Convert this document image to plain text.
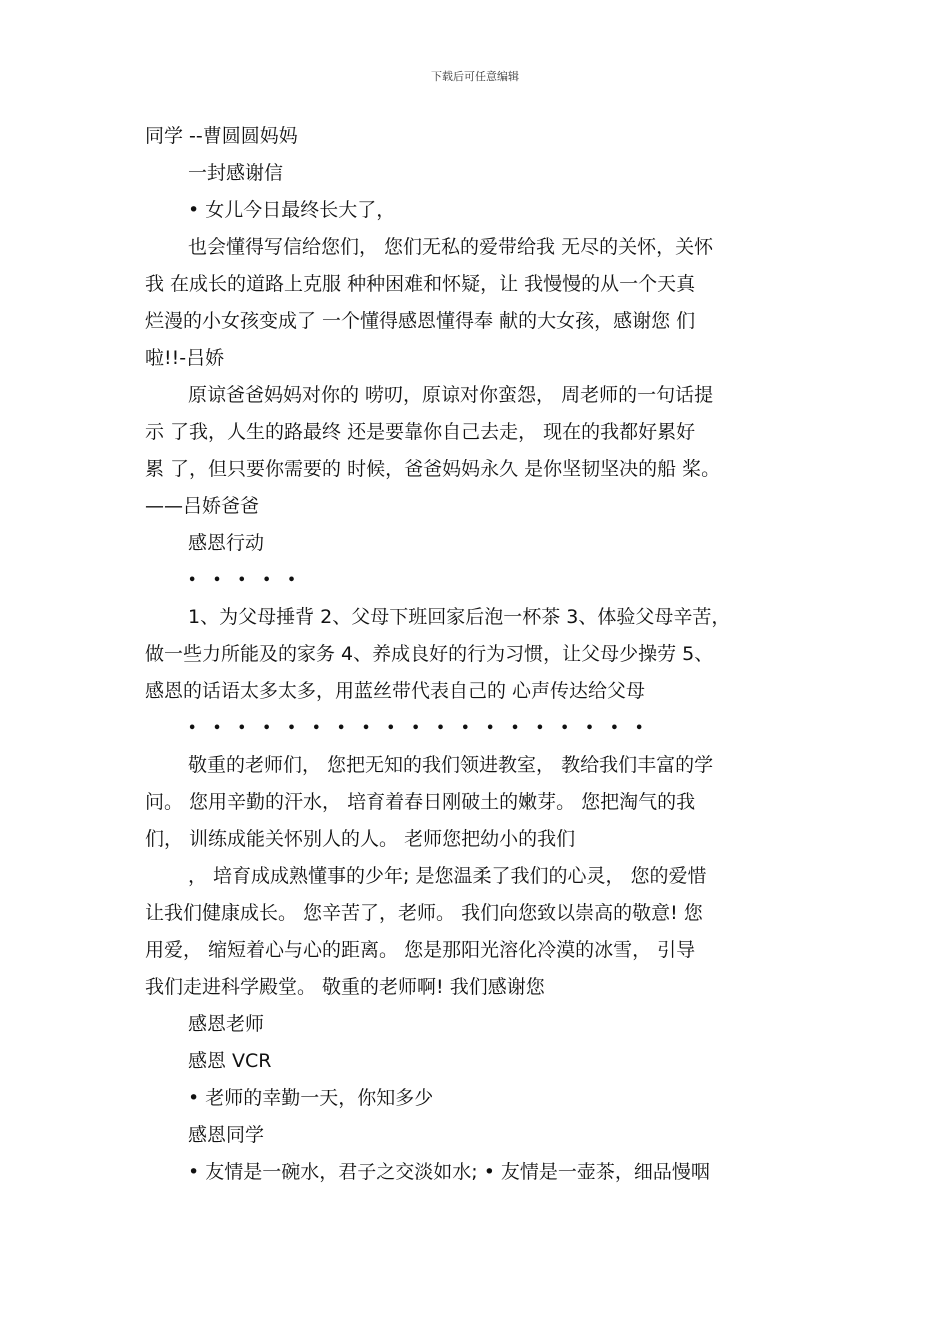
下载后可任意编辑
同学 --曹圆圆妈妈
一封感谢信
• 女儿今日最终长大了，
也会懂得写信给您们， 您们无私的爱带给我 无尽的关怀，关怀
我 在成长的道路上克服 种种困难和怀疑，让 我慢慢的从一个天真
烂漫的小女孩变成了 一个懂得感恩懂得奉 献的大女孩，感谢您 们
啦!!-吕娇
原谅爸爸妈妈对你的 唠叨，原谅对你蛮怨， 周老师的一句话提
示 了我，人生的路最终 还是要靠你自己去走， 现在的我都好累好
累 了，但只要你需要的 时候，爸爸妈妈永久 是你坚韧坚决的船 桨。
——吕娇爸爸
感恩行动
• • • • •
1、为父母捶背 2、父母下班回家后泡一杯茶 3、体验父母辛苦，
做一些力所能及的家务 4、养成良好的行为习惯，让父母少操劳 5、
感恩的话语太多太多，用蓝丝带代表自己的 心声传达给父母
• • • • • • • • • • • • • • • • • • •
敬重的老师们， 您把无知的我们领进教室， 教给我们丰富的学
问。 您用辛勤的汗水， 培育着春日刚破土的嫩芽。 您把淘气的我
们， 训练成能关怀别人的人。 老师您把幼小的我们
， 培育成成熟懂事的少年; 是您温柔了我们的心灵， 您的爱惜
让我们健康成长。 您辛苦了，老师。 我们向您致以崇高的敬意! 您
用爱， 缩短着心与心的距离。 您是那阳光溶化冷漠的冰雪， 引导
我们走进科学殿堂。 敬重的老师啊! 我们感谢您
感恩老师
感恩 VCR
• 老师的幸勤一天，你知多少
感恩同学
• 友情是一碗水，君子之交淡如水; • 友情是一壶茶，细品慢咽
